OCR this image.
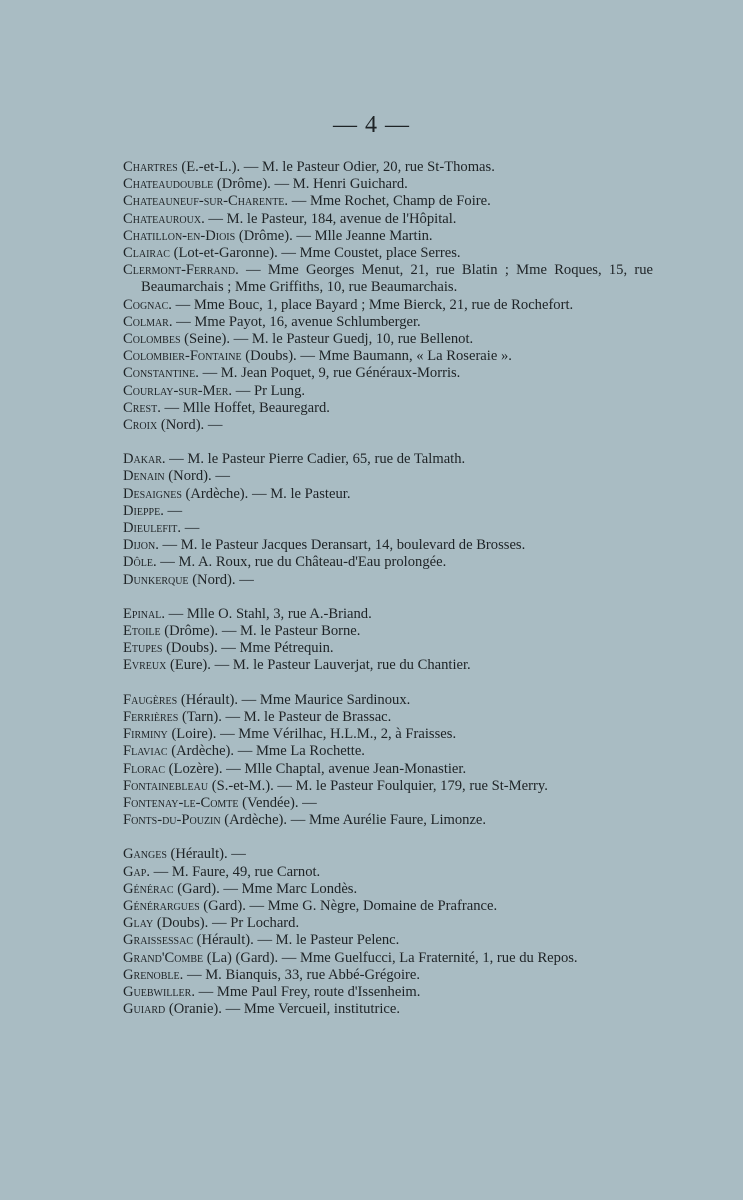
— 4 —
Chartres (E.-et-L.). — M. le Pasteur Odier, 20, rue St-Thomas.
Chateaudouble (Drôme). — M. Henri Guichard.
Chateauneuf-sur-Charente. — Mme Rochet, Champ de Foire.
Chateauroux. — M. le Pasteur, 184, avenue de l'Hôpital.
Chatillon-en-Diois (Drôme). — Mlle Jeanne Martin.
Clairac (Lot-et-Garonne). — Mme Coustet, place Serres.
Clermont-Ferrand. — Mme Georges Menut, 21, rue Blatin ; Mme Roques, 15, rue Beaumarchais ; Mme Griffiths, 10, rue Beaumarchais.
Cognac. — Mme Bouc, 1, place Bayard ; Mme Bierck, 21, rue de Rochefort.
Colmar. — Mme Payot, 16, avenue Schlumberger.
Colombes (Seine). — M. le Pasteur Guedj, 10, rue Bellenot.
Colombier-Fontaine (Doubs). — Mme Baumann, « La Roseraie ».
Constantine. — M. Jean Poquet, 9, rue Généraux-Morris.
Courlay-sur-Mer. — Pr Lung.
Crest. — Mlle Hoffet, Beauregard.
Croix (Nord). —
Dakar. — M. le Pasteur Pierre Cadier, 65, rue de Talmath.
Denain (Nord). —
Desaignes (Ardèche). — M. le Pasteur.
Dieppe. —
Dieulefit. —
Dijon. — M. le Pasteur Jacques Deransart, 14, boulevard de Brosses.
Dôle. — M. A. Roux, rue du Château-d'Eau prolongée.
Dunkerque (Nord). —
Epinal. — Mlle O. Stahl, 3, rue A.-Briand.
Etoile (Drôme). — M. le Pasteur Borne.
Etupes (Doubs). — Mme Pétrequin.
Evreux (Eure). — M. le Pasteur Lauverjat, rue du Chantier.
Faugères (Hérault). — Mme Maurice Sardinoux.
Ferrières (Tarn). — M. le Pasteur de Brassac.
Firminy (Loire). — Mme Vérilhac, H.L.M., 2, à Fraisses.
Flaviac (Ardèche). — Mme La Rochette.
Florac (Lozère). — Mlle Chaptal, avenue Jean-Monastier.
Fontainebleau (S.-et-M.). — M. le Pasteur Foulquier, 179, rue St-Merry.
Fontenay-le-Comte (Vendée). —
Fonts-du-Pouzin (Ardèche). — Mme Aurélie Faure, Limonze.
Ganges (Hérault). —
Gap. — M. Faure, 49, rue Carnot.
Générac (Gard). — Mme Marc Londès.
Générargues (Gard). — Mme G. Nègre, Domaine de Prafrance.
Glay (Doubs). — Pr Lochard.
Graissessac (Hérault). — M. le Pasteur Pelenc.
Grand'Combe (La) (Gard). — Mme Guelfucci, La Fraternité, 1, rue du Repos.
Grenoble. — M. Bianquis, 33, rue Abbé-Grégoire.
Guebwiller. — Mme Paul Frey, route d'Issenheim.
Guiard (Oranie). — Mme Vercueil, institutrice.
